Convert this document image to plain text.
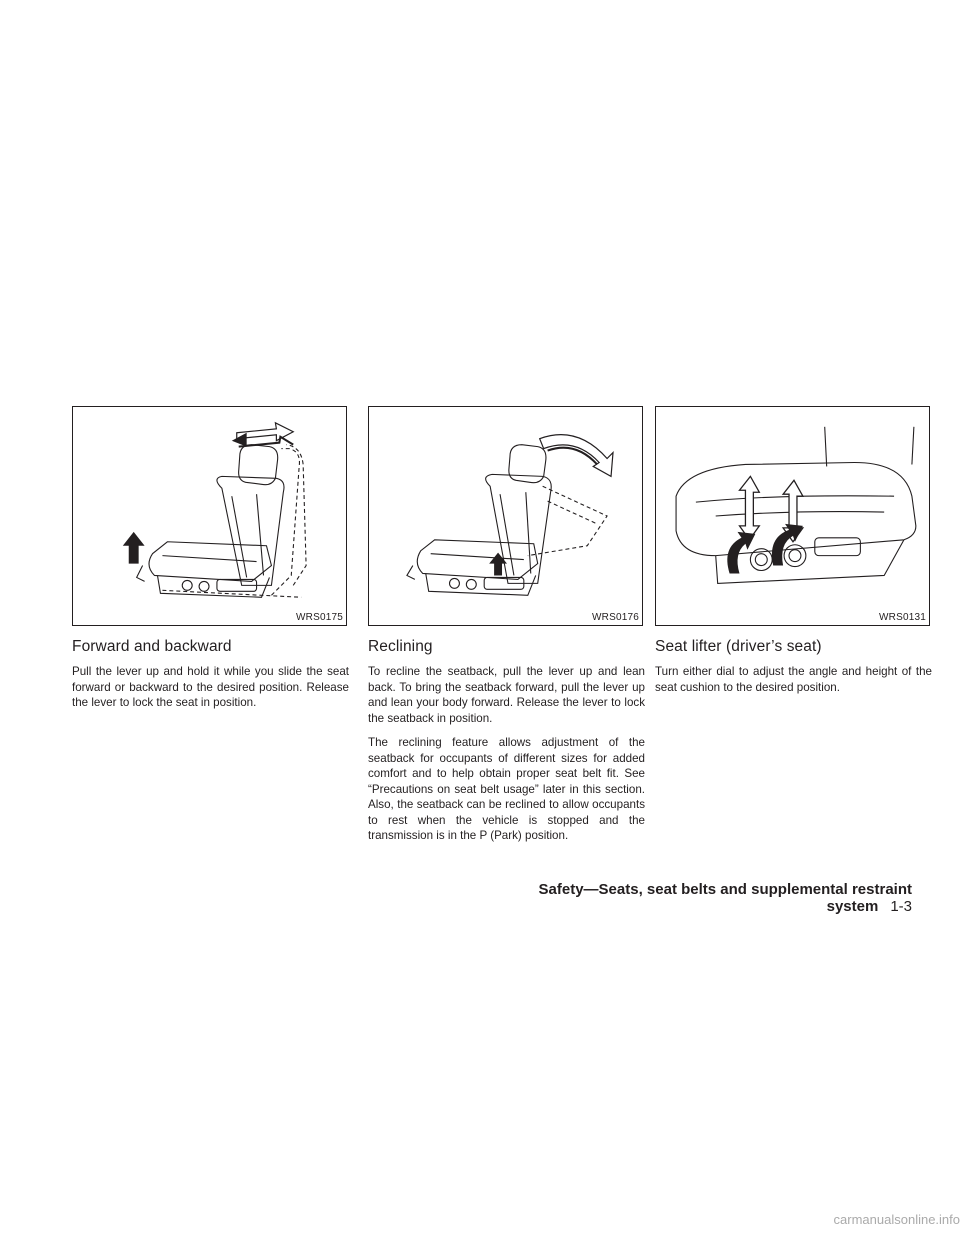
WRS0175
Forward and backward

Pull the lever up and hold it while you slide the seat forward or backward to the desired position. Release the lever to lock the seat in position.

WRS0176
Reclining

To recline the seatback, pull the lever up and lean back. To bring the seatback forward, pull the lever up and lean your body forward. Release the lever to lock the seatback in position.

The reclining feature allows adjustment of the seatback for occupants of different sizes for added comfort and to help obtain proper seat belt fit. See “Precautions on seat belt usage” later in this section. Also, the seatback can be reclined to allow occupants to rest when the vehicle is stopped and the transmission is in the P (Park) position.

WRS0131
Seat lifter (driver’s seat)

Turn either dial to adjust the angle and height of the seat cushion to the desired position.

Safety—Seats, seat belts and supplemental restraint system 1-3
carmanualsonline.info
